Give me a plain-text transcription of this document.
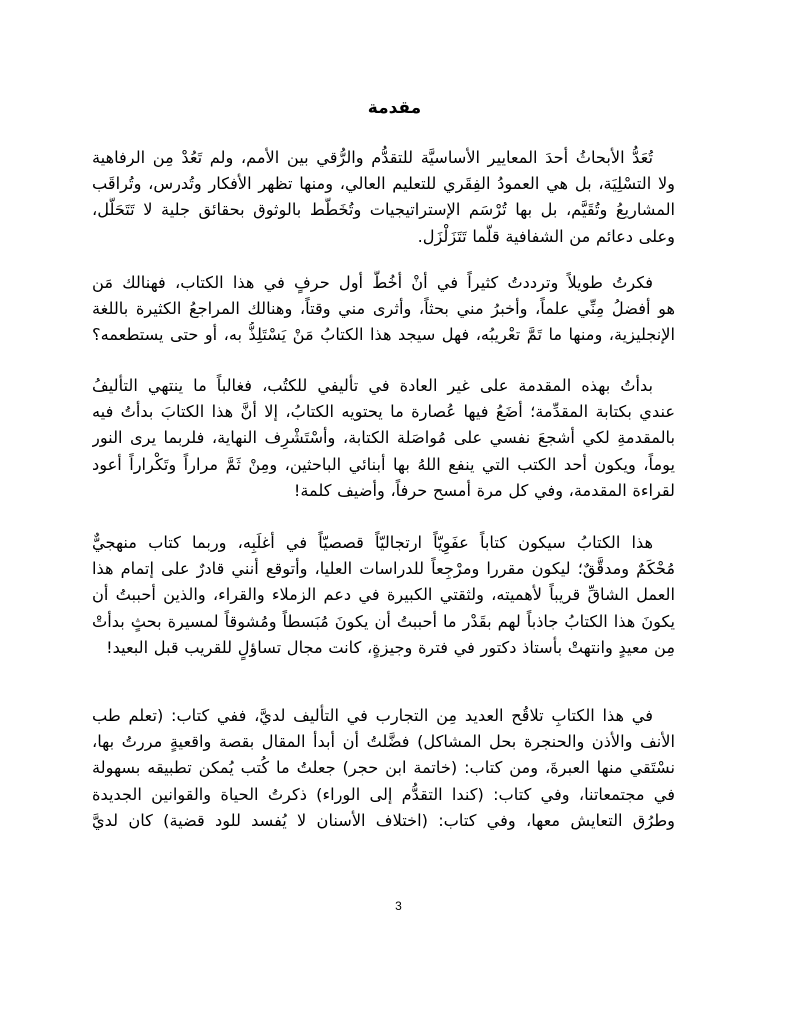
مقدمة

تُعَدُّ الأبحاثُ أحدَ المعايير الأساسيَّة للتقدُّم والرُّقي بين الأمم، ولم تَعُدْ مِن الرفاهية
ولا التسْلِيَة، بل هي العمودُ الفِقَري للتعليم العالي، ومنها تظهر الأفكار وتُدرس، وتُراقَب
المشاريعُ وتُقَيَّم، بل بها تُرْسَم الإستراتيجيات وتُخَطَّط بالوثوق بحقائق جلية لا تَتَحَلَّل،
وعلى دعائم من الشفافية قلَّما تَتَزَلْزَل.

فكرتُ طويلاً وترددتُ كثيراً في أنْ أخُطَّ أول حرفٍ في هذا الكتاب، فهنالك مَن
هو أفضلُ مِنِّي علماً، وأخبرُ مني بحثاً، وأثرى مني وقتاً، وهنالك المراجعُ الكثيرة باللغة
الإنجليزية، ومنها ما تَمَّ تعْريبُه، فهل سيجد هذا الكتابُ مَنْ يَسْتَلِذُّ به، أو حتى يستطعمه؟

بدأتُ بهذه المقدمة على غير العادة في تأليفي للكتُب، فغالباً ما ينتهي التأليفُ
عندي بكتابة المقدِّمة؛ أضَعُ فيها عُصارة ما يحتويه الكتابُ، إلا أنَّ هذا الكتابَ بدأتُ فيه
بالمقدمةِ لكي أشجعَ نفسي على مُواصَلة الكتابة، وأسْتَشْرِف النهاية، فلربما يرى النور
يوماً، ويكون أحد الكتب التي ينفع اللهُ بها أبنائي الباحثين، ومِنْ ثَمَّ مراراً وتَكْراراً أعود
لقراءة المقدمة، وفي كل مرة أمسح حرفاً، وأضيف كلمة!

هذا الكتابُ سيكون كتاباً عفَوِيّاً ارتجاليّاً قصصيّاً في أغلَبِه، وربما كتاب منهجيٌّ
مُحْكَمٌ ومدقَّقٌ؛ ليكون مقررا ومرْجِعاً للدراسات العليا، وأتوقع أنني قادرٌ على إتمام هذا
العمل الشاقِّ قريباً لأهميته، ولثقتي الكبيرة في دعم الزملاء والقراء، والذين أحببتُ أن
يكونَ هذا الكتابُ جاذباً لهم بقَدْر ما أحببتُ أن يكونَ مُبَسطاً ومُشوقاً لمسيرة بحثٍ بدأتْ
مِن معيدٍ وانتهتْ بأستاذ دكتور في فترة وجيزةٍ، كانت مجال تساؤلٍ للقريب قبل البعيد!

في هذا الكتابِ تلاقُح العديد مِن التجارب في التأليف لديَّ، ففي كتاب: (تعلم طب
الأنف والأذن والحنجرة بحل المشاكل) فضَّلتُ أن أبدأ المقال بقصة واقعيةٍ مررتُ بها،
نسْتَقي منها العبرةَ، ومن كتاب: (خاتمة ابن حجر) جعلتُ ما كُتب يُمكن تطبيقه بسهولة
في مجتمعاتنا، وفي كتاب: (كندا التقدُّم إلى الوراء) ذكرتُ الحياة والقوانين الجديدة
وطرُق التعايش معها، وفي كتاب: (اختلاف الأسنان لا يُفسد للود قضية) كان لديَّ

3
